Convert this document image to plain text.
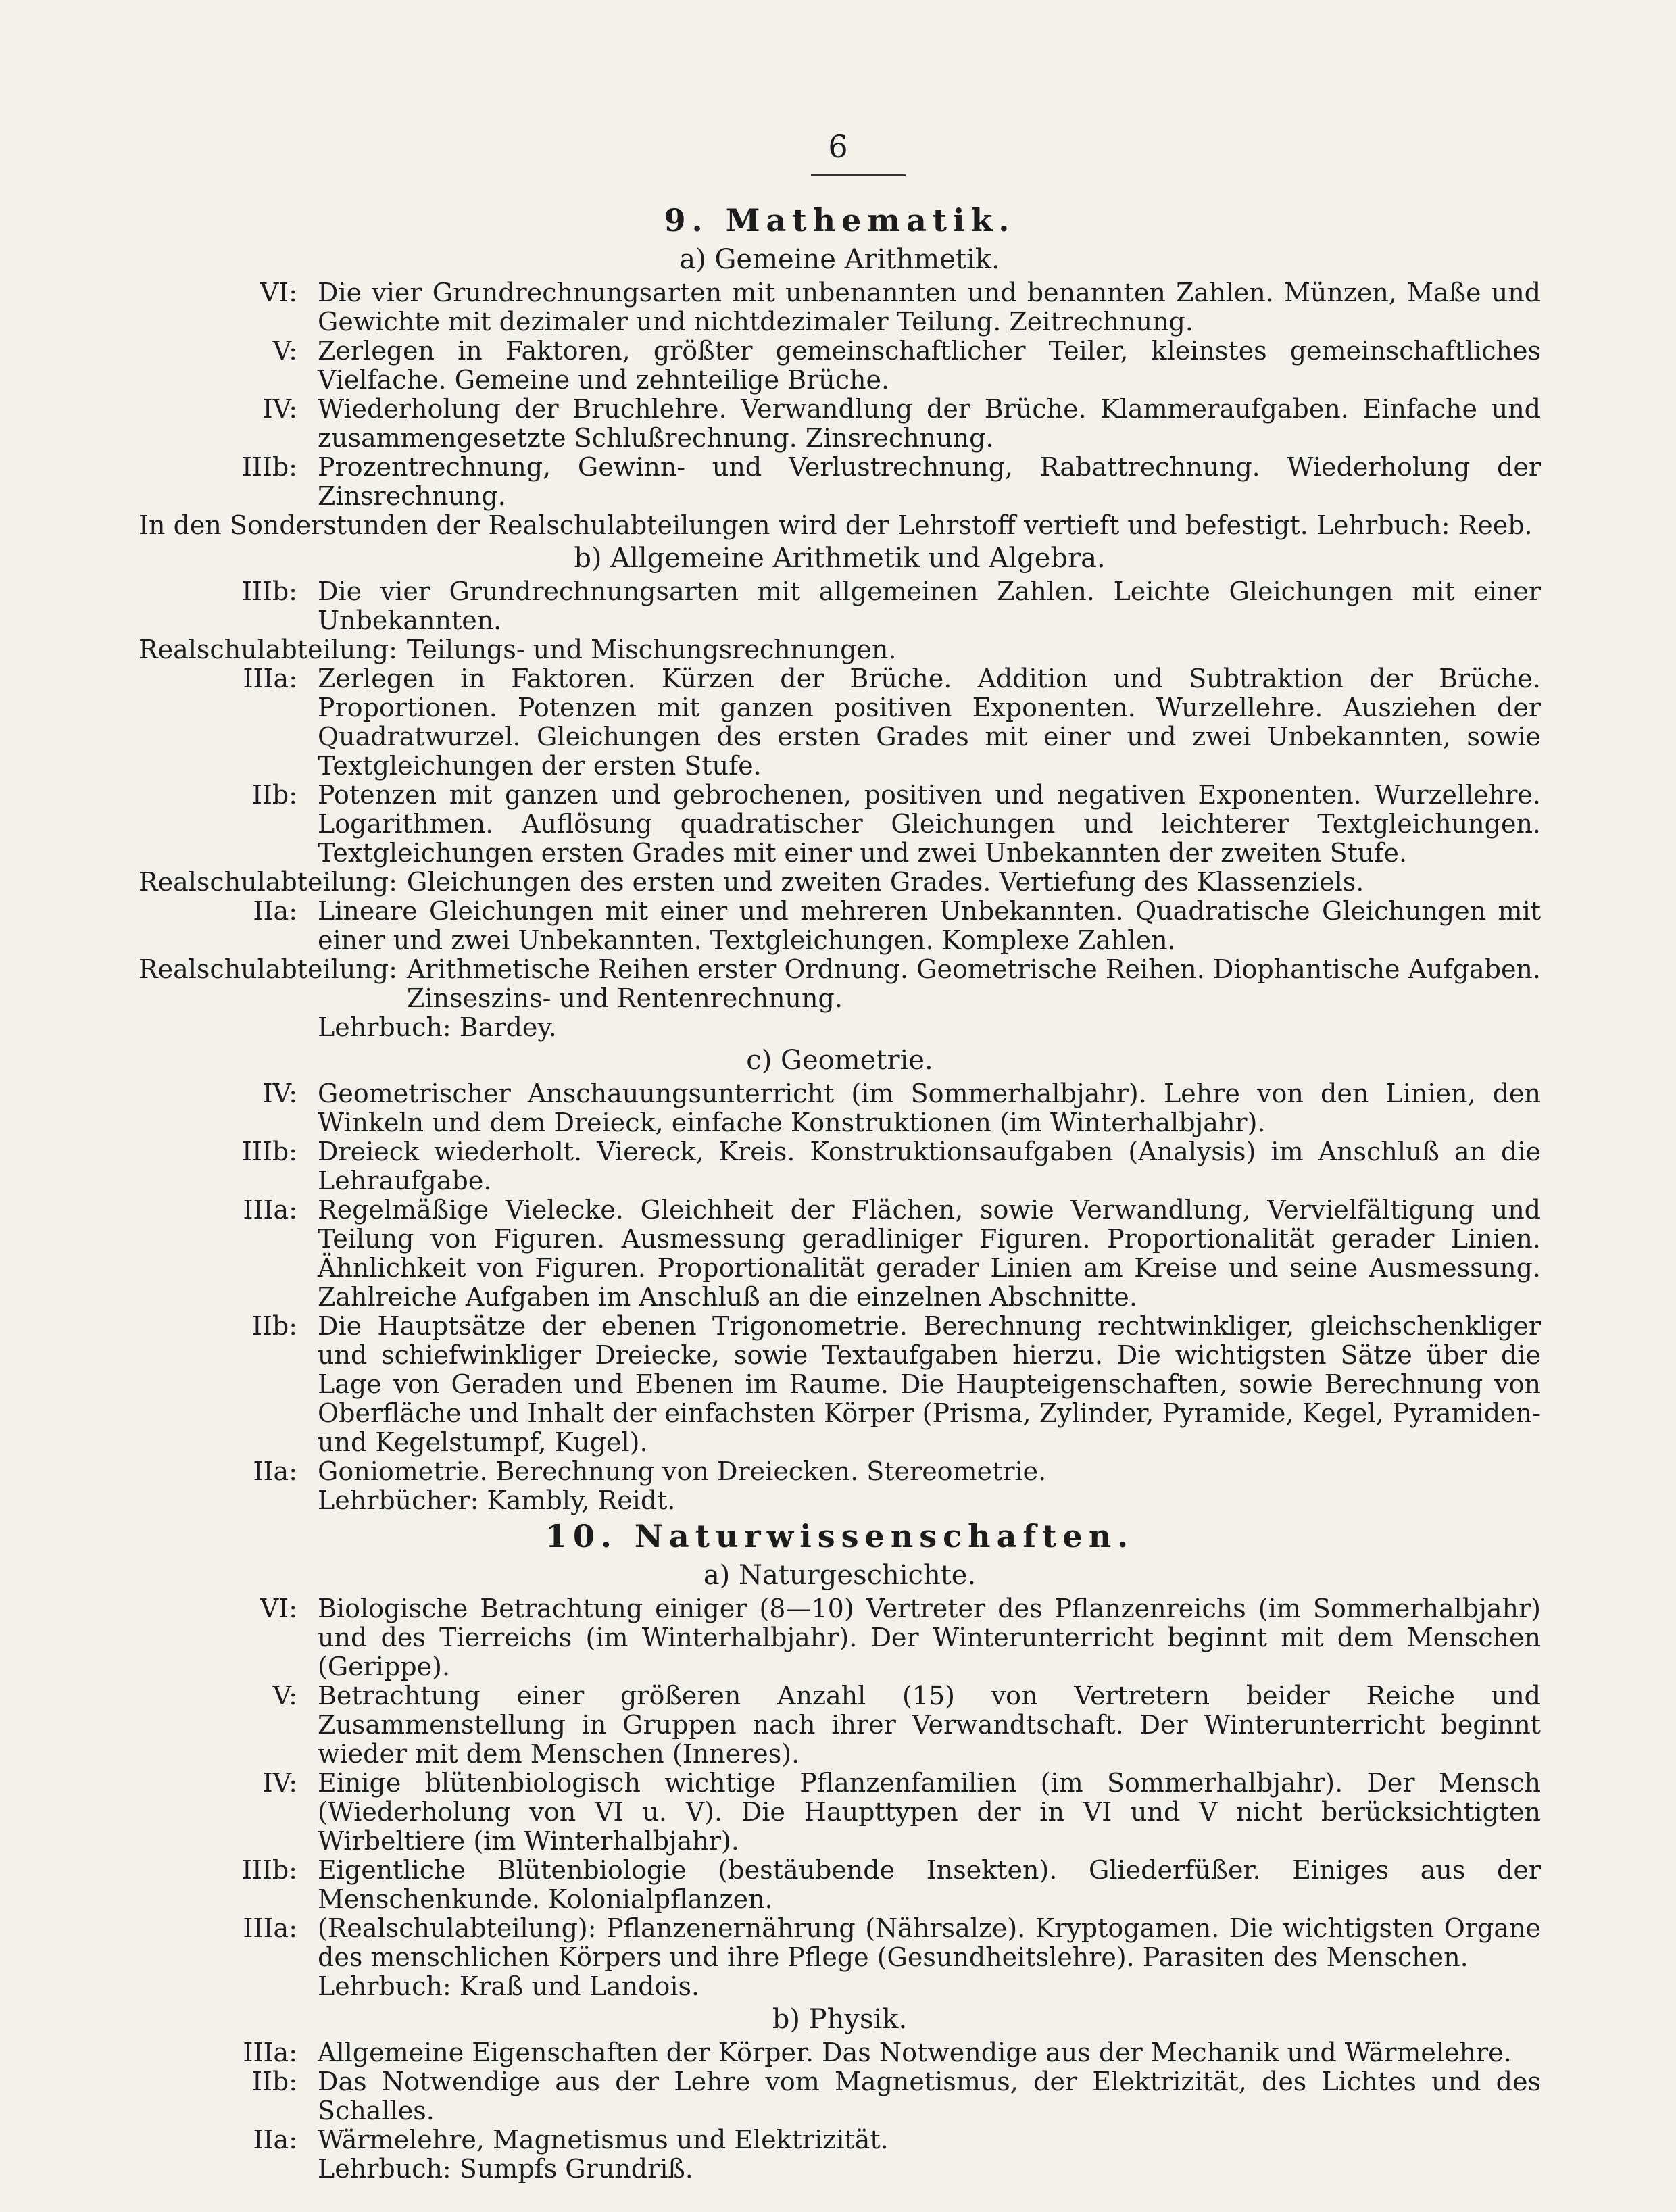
6
9. Mathematik.
a) Gemeine Arithmetik.
VI: Die vier Grundrechnungsarten mit unbenannten und benannten Zahlen. Münzen, Maße und Gewichte mit dezimaler und nichtdezimaler Teilung. Zeitrechnung.
V: Zerlegen in Faktoren, größter gemeinschaftlicher Teiler, kleinstes gemeinschaftliches Vielfache. Gemeine und zehnteilige Brüche.
IV: Wiederholung der Bruchlehre. Verwandlung der Brüche. Klammeraufgaben. Einfache und zusammengesetzte Schlußrechnung. Zinsrechnung.
IIIb: Prozentrechnung, Gewinn- und Verlustrechnung, Rabattrechnung. Wiederholung der Zinsrechnung.
In den Sonderstunden der Realschulabteilungen wird der Lehrstoff vertieft und befestigt. Lehrbuch: Reeb.
b) Allgemeine Arithmetik und Algebra.
IIIb: Die vier Grundrechnungsarten mit allgemeinen Zahlen. Leichte Gleichungen mit einer Unbekannten.
Realschulabteilung: Teilungs- und Mischungsrechnungen.
IIIa: Zerlegen in Faktoren. Kürzen der Brüche. Addition und Subtraktion der Brüche. Proportionen. Potenzen mit ganzen positiven Exponenten. Wurzellehre. Ausziehen der Quadratwurzel. Gleichungen des ersten Grades mit einer und zwei Unbekannten, sowie Textgleichungen der ersten Stufe.
IIb: Potenzen mit ganzen und gebrochenen, positiven und negativen Exponenten. Wurzellehre. Logarithmen. Auflösung quadratischer Gleichungen und leichterer Textgleichungen. Textgleichungen ersten Grades mit einer und zwei Unbekannten der zweiten Stufe.
Realschulabteilung: Gleichungen des ersten und zweiten Grades. Vertiefung des Klassenziels.
IIa: Lineare Gleichungen mit einer und mehreren Unbekannten. Quadratische Gleichungen mit einer und zwei Unbekannten. Textgleichungen. Komplexe Zahlen.
Realschulabteilung: Arithmetische Reihen erster Ordnung. Geometrische Reihen. Diophantische Aufgaben. Zinseszins- und Rentenrechnung.
Lehrbuch: Bardey.
c) Geometrie.
IV: Geometrischer Anschauungsunterricht (im Sommerhalbjahr). Lehre von den Linien, den Winkeln und dem Dreieck, einfache Konstruktionen (im Winterhalbjahr).
IIIb: Dreieck wiederholt. Viereck, Kreis. Konstruktionsaufgaben (Analysis) im Anschluß an die Lehraufgabe.
IIIa: Regelmäßige Vielecke. Gleichheit der Flächen, sowie Verwandlung, Vervielfältigung und Teilung von Figuren. Ausmessung geradliniger Figuren. Proportionalität gerader Linien. Ähnlichkeit von Figuren. Proportionalität gerader Linien am Kreise und seine Ausmessung. Zahlreiche Aufgaben im Anschluß an die einzelnen Abschnitte.
IIb: Die Hauptsätze der ebenen Trigonometrie. Berechnung rechtwinkliger, gleichschenkliger und schiefwinkliger Dreiecke, sowie Textaufgaben hierzu. Die wichtigsten Sätze über die Lage von Geraden und Ebenen im Raume. Die Haupteigenschaften, sowie Berechnung von Oberfläche und Inhalt der einfachsten Körper (Prisma, Zylinder, Pyramide, Kegel, Pyramiden- und Kegelstumpf, Kugel).
IIa: Goniometrie. Berechnung von Dreiecken. Stereometrie.
Lehrbücher: Kambly, Reidt.
10. Naturwissenschaften.
a) Naturgeschichte.
VI: Biologische Betrachtung einiger (8—10) Vertreter des Pflanzenreichs (im Sommerhalbjahr) und des Tierreichs (im Winterhalbjahr). Der Winterunterricht beginnt mit dem Menschen (Gerippe).
V: Betrachtung einer größeren Anzahl (15) von Vertretern beider Reiche und Zusammenstellung in Gruppen nach ihrer Verwandtschaft. Der Winterunterricht beginnt wieder mit dem Menschen (Inneres).
IV: Einige blütenbiologisch wichtige Pflanzenfamilien (im Sommerhalbjahr). Der Mensch (Wiederholung von VI u. V). Die Haupttypen der in VI und V nicht berücksichtigten Wirbeltiere (im Winterhalbjahr).
IIIb: Eigentliche Blütenbiologie (bestäubende Insekten). Gliederfüßer. Einiges aus der Menschenkunde. Kolonialpflanzen.
IIIa: (Realschulabteilung): Pflanzenernährung (Nährsalze). Kryptogamen. Die wichtigsten Organe des menschlichen Körpers und ihre Pflege (Gesundheitslehre). Parasiten des Menschen.
Lehrbuch: Kraß und Landois.
b) Physik.
IIIa: Allgemeine Eigenschaften der Körper. Das Notwendige aus der Mechanik und Wärmelehre.
IIb: Das Notwendige aus der Lehre vom Magnetismus, der Elektrizität, des Lichtes und des Schalles.
IIa: Wärmelehre, Magnetismus und Elektrizität.
Lehrbuch: Sumpfs Grundriß.
